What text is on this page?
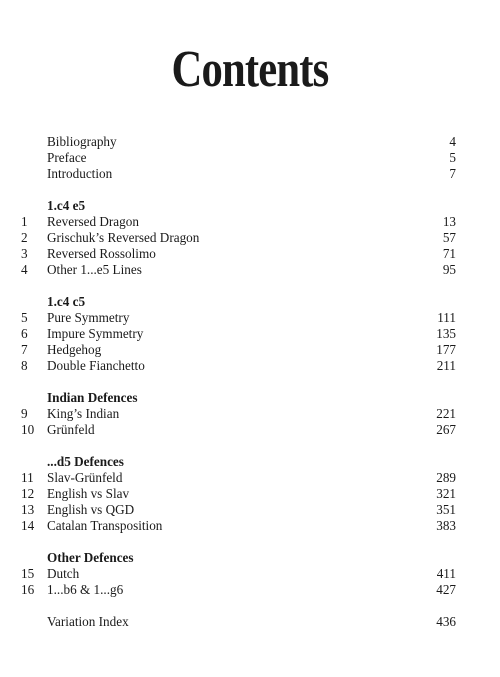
Contents
Bibliography	4
Preface	5
Introduction	7
1.c4 e5
1 Reversed Dragon	13
2 Grischuk’s Reversed Dragon	57
3 Reversed Rossolimo	71
4 Other 1...e5 Lines	95
1.c4 c5
5 Pure Symmetry	111
6 Impure Symmetry	135
7 Hedgehog	177
8 Double Fianchetto	211
Indian Defences
9 King’s Indian	221
10 Grünfeld	267
...d5 Defences
11 Slav-Grünfeld	289
12 English vs Slav	321
13 English vs QGD	351
14 Catalan Transposition	383
Other Defences
15 Dutch	411
16 1...b6 & 1...g6	427
Variation Index	436
